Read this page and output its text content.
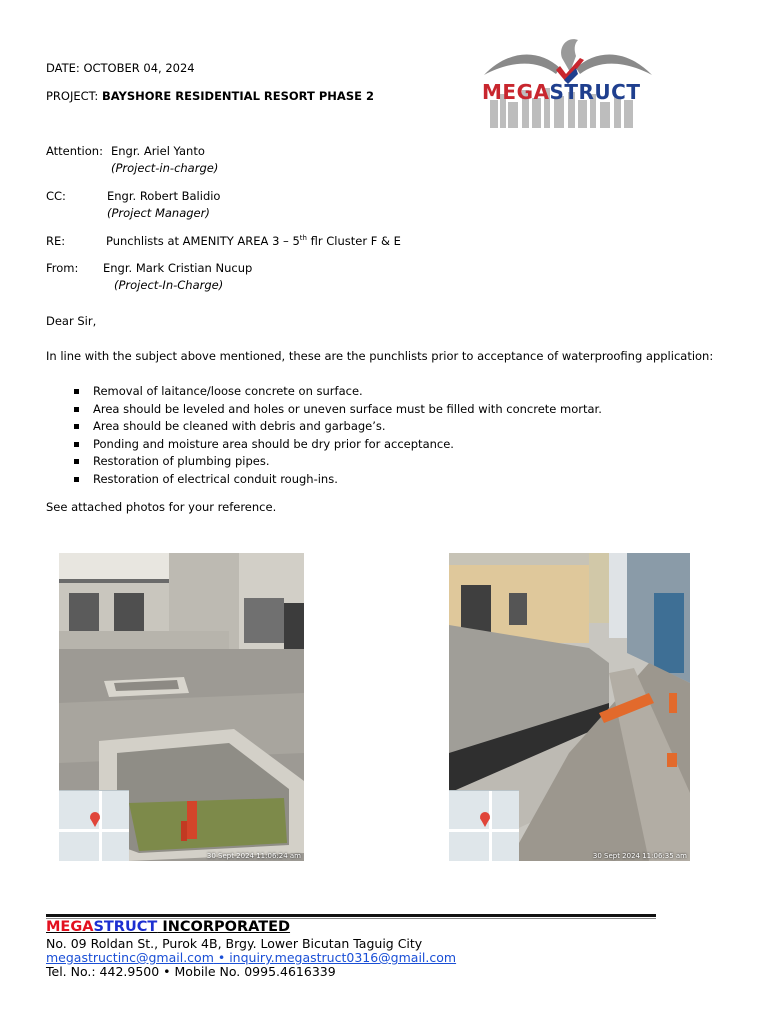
DATE: OCTOBER 04, 2024
PROJECT: BAYSHORE RESIDENTIAL RESORT PHASE 2	MEGASTRUCT
Attention: Engr. Ariel Yanto
(Project-in-charge)
CC:	Engr. Robert Balidio
(Project Manager)
RE:	Punchlists at AMENITY AREA 3 – 5th flr Cluster F & E
From: Engr. Mark Cristian Nucup
(Project-In-Charge)
Dear Sir,
In line with the subject above mentioned, these are the punchlists prior to acceptance of waterproofing application:
Removal of laitance/loose concrete on surface.
Area should be leveled and holes or uneven surface must be filled with concrete mortar.
Area should be cleaned with debris and garbage’s.
Ponding and moisture area should be dry prior for acceptance.
Restoration of plumbing pipes.
Restoration of electrical conduit rough-ins.
See attached photos for your reference.
30 Sept 2024 11:06:24 am	30 Sept 2024 11:06:35 am
MEGASTRUCT INCORPORATED
No. 09 Roldan St., Purok 4B, Brgy. Lower Bicutan Taguig City
megastructinc@gmail.com • inquiry.megastruct0316@gmail.com
Tel. No.: 442.9500 • Mobile No. 0995.4616339
